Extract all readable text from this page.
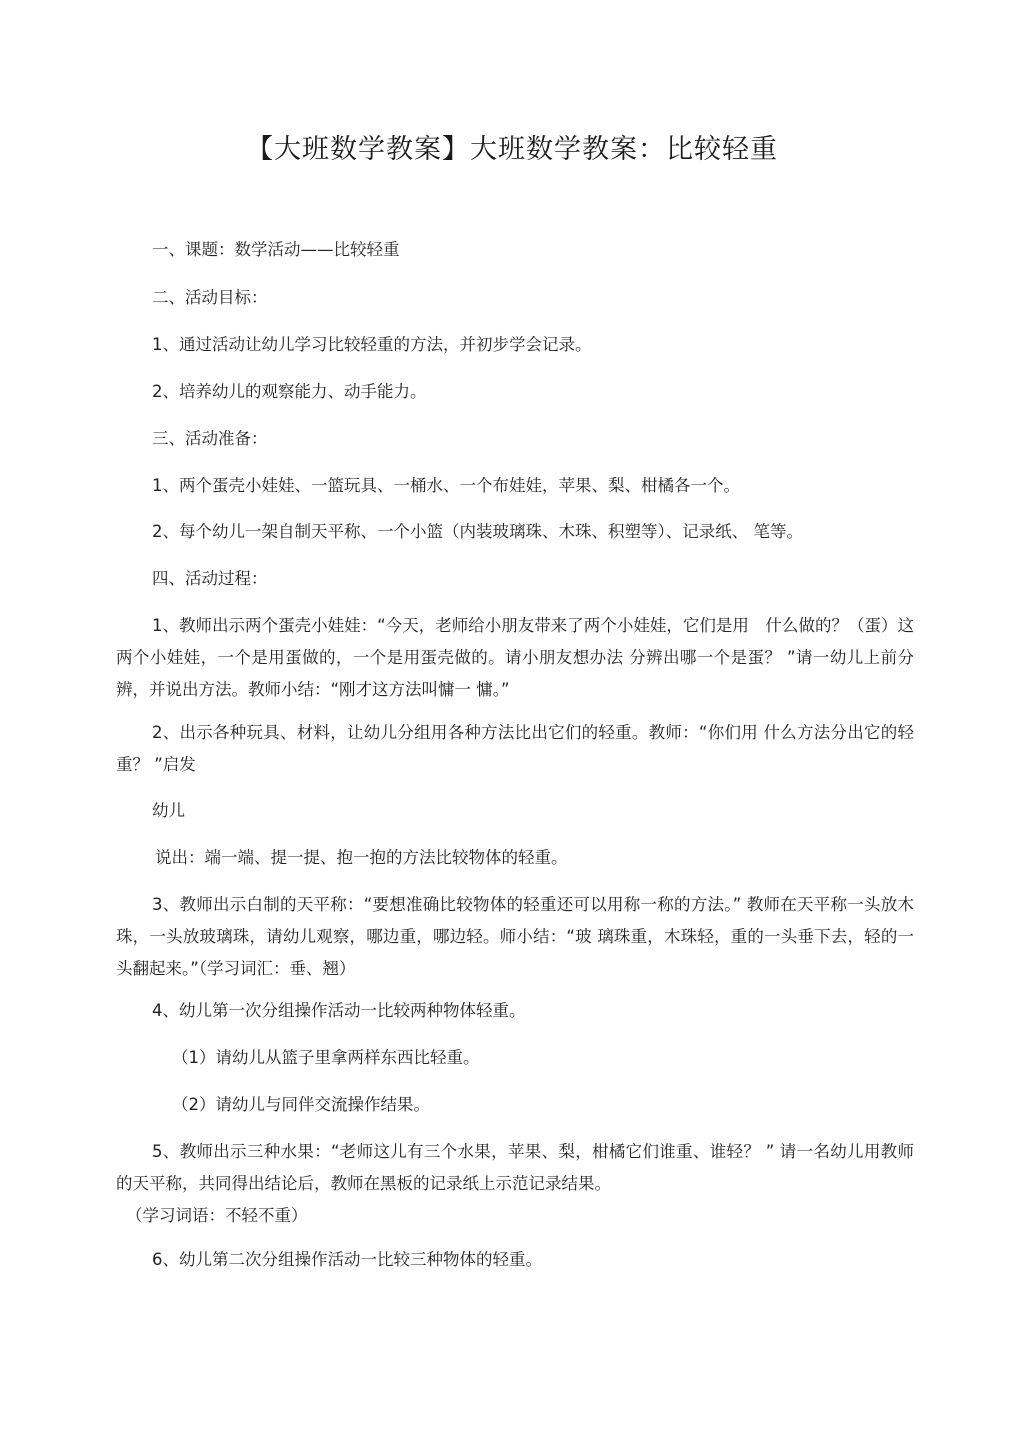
【大班数学教案】大班数学教案：比较轻重
一、课题：数学活动——比较轻重
二、活动目标：
1、通过活动让幼儿学习比较轻重的方法，并初步学会记录。
2、培养幼儿的观察能力、动手能力。
三、活动准备：
1、两个蛋壳小娃娃、一篮玩具、一桶水、一个布娃娃，苹果、梨、柑橘各一个。
2、每个幼儿一架自制天平称、一个小篮（内装玻璃珠、木珠、积塑等）、记录纸、 笔等。
四、活动过程：

1、教师出示两个蛋壳小娃娃：“今天，老师给小朋友带来了两个小娃娃，它们是用　什么做的？（蛋）这两个小娃娃，一个是用蛋做的，一个是用蛋壳做的。请小朋友想办法 分辨出哪一个是蛋？ ”请一幼儿上前分辨，并说出方法。教师小结：“刚才这方法叫慵一 慵。”

2、出示各种玩具、材料，让幼儿分组用各种方法比出它们的轻重。教师：“你们用 什么方法分出它的轻重？ ”启发

幼儿
说出：端一端、提一提、抱一抱的方法比较物体的轻重。

3、教师出示白制的天平称：“要想准确比较物体的轻重还可以用称一称的方法。” 教师在天平称一头放木珠，一头放玻璃珠，请幼儿观察，哪边重，哪边轻。师小结：“玻 璃珠重，木珠轻，重的一头垂下去，轻的一头翻起来。”（学习词汇：垂、翘）

4、幼儿第一次分组操作活动一比较两种物体轻重。
（1）请幼儿从篮子里拿两样东西比轻重。
（2）请幼儿与同伴交流操作结果。

5、教师出示三种水果：“老师这儿有三个水果，苹果、梨，柑橘它们谁重、谁轻？ ” 请一名幼儿用教师的天平称，共同得出结论后，教师在黑板的记录纸上示范记录结果。

（学习词语：不轻不重）
6、幼儿第二次分组操作活动一比较三种物体的轻重。
